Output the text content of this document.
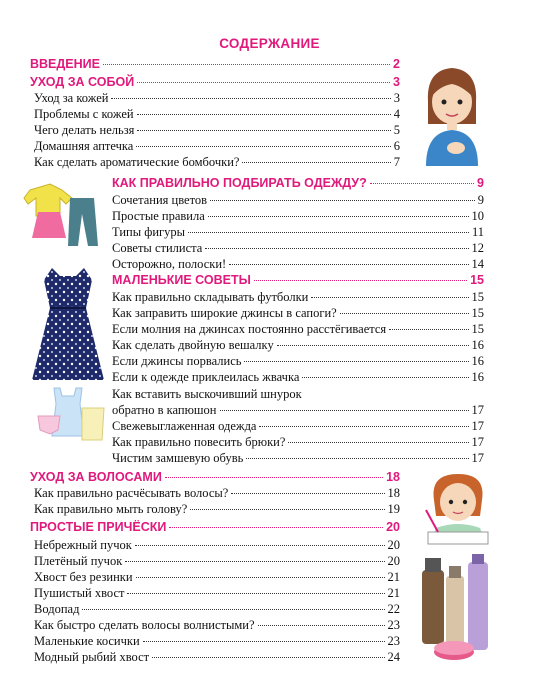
СОДЕРЖАНИЕ
ВВЕДЕНИЕ	2
УХОД ЗА СОБОЙ	3
Уход за кожей	3
Проблемы с кожей	4
Чего делать нельзя	5
Домашняя аптечка	6
Как сделать ароматические бомбочки?	7
КАК ПРАВИЛЬНО ПОДБИРАТЬ ОДЕЖДУ?	9
Сочетания цветов	9
Простые правила	10
Типы фигуры	11
Советы стилиста	12
Осторожно, полоски!	14
МАЛЕНЬКИЕ СОВЕТЫ	15
Как правильно складывать футболки	15
Как заправить широкие джинсы в сапоги?	15
Если молния на джинсах постоянно расстёгивается	15
Как сделать двойную вешалку	16
Если джинсы порвались	16
Если к одежде приклеилась жвачка	16
Как вставить выскочивший шнурок
обратно в капюшон	17
Свежевыглаженная одежда	17
Как правильно повесить брюки?	17
Чистим замшевую обувь	17
УХОД ЗА ВОЛОСАМИ	18
Как правильно расчёсывать волосы?	18
Как правильно мыть голову?	19
ПРОСТЫЕ ПРИЧЁСКИ	20
Небрежный пучок	20
Плетёный пучок	20
Хвост без резинки	21
Пушистый хвост	21
Водопад	22
Как быстро сделать волосы волнистыми?	23
Маленькие косички	23
Модный рыбий хвост	24
